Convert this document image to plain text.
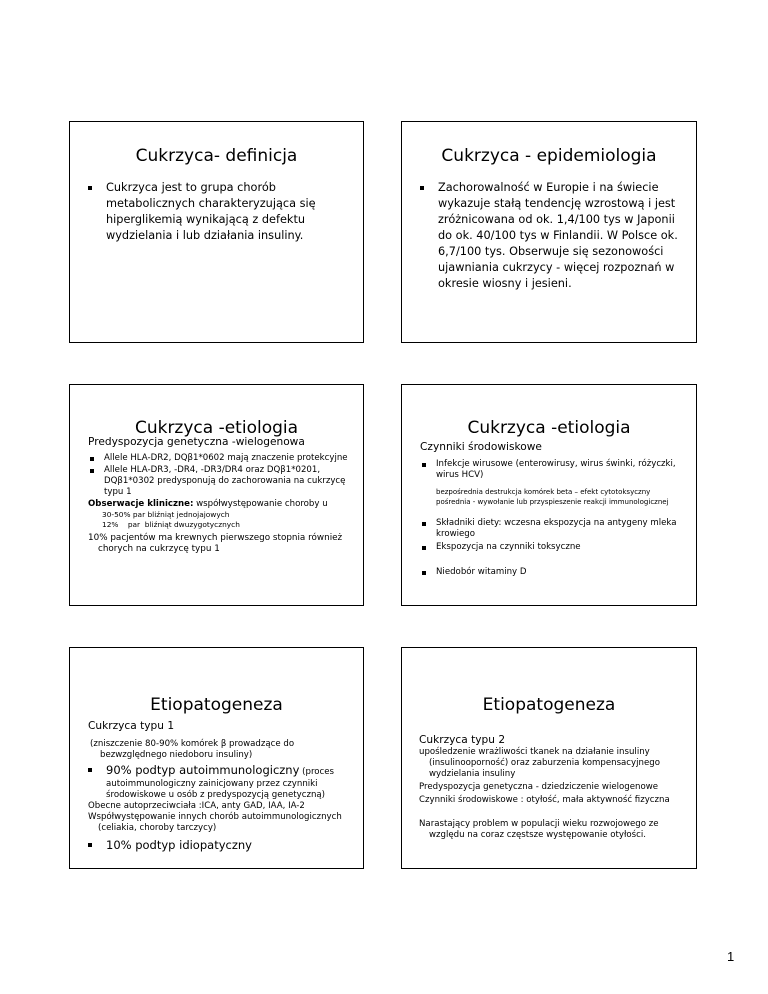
Cukrzyca- definicja
Cukrzyca jest to grupa chorób metabolicznych charakteryzująca się hiperglikemią wynikającą z defektu wydzielania i lub działania insuliny.
Cukrzyca - epidemiologia
Zachorowalność w Europie i na świecie wykazuje stałą tendencję wzrostową i jest zróżnicowana od ok. 1,4/100 tys w Japonii do ok. 40/100 tys w Finlandii. W Polsce ok. 6,7/100 tys. Obserwuje się sezonowości ujawniania cukrzycy - więcej rozpoznań w okresie wiosny i jesieni.
Cukrzyca -etiologia
Predyspozycja genetyczna -wielogenowa
Allele HLA-DR2, DQβ1*0602 mają znaczenie protekcyjne
Allele HLA-DR3, -DR4, -DR3/DR4 oraz DQβ1*0201, DQβ1*0302 predysponują do zachorowania na cukrzycę typu 1
Obserwacje kliniczne: współwystępowanie choroby u
30-50% par bliźniąt jednojajowych
12%    par  bliźniąt dwuzygotycznych
10% pacjentów ma krewnych pierwszego stopnia również chorych na cukrzycę typu 1
Cukrzyca -etiologia
Czynniki środowiskowe
Infekcje wirusowe (enterowirusy, wirus świnki, różyczki, wirus HCV)
bezpośrednia destrukcja komórek beta – efekt cytotoksyczny
pośrednia - wywołanie lub przyspieszenie reakcji immunologicznej
Składniki diety: wczesna ekspozycja na antygeny mleka krowiego
Ekspozycja na czynniki toksyczne
Niedobór witaminy D
Etiopatogeneza
Cukrzyca typu 1
(zniszczenie 80-90% komórek β prowadzące do bezwzględnego niedoboru insuliny)
90% podtyp autoimmunologiczny (proces
autoimmunologiczny zainicjowany przez czynniki środowiskowe u osób z predyspozycją genetyczną)
Obecne autoprzeciwciała :ICA, anty GAD, IAA, IA-2
Współwystępowanie innych chorób autoimmunologicznych (celiakia, choroby tarczycy)
10% podtyp idiopatyczny
Etiopatogeneza
Cukrzyca typu 2
upośledzenie wrażliwości tkanek na działanie insuliny (insulinooporność) oraz zaburzenia kompensacyjnego wydzielania insuliny
Predyspozycja genetyczna - dziedziczenie wielogenowe
Czynniki środowiskowe : otyłość, mała aktywność fizyczna
Narastający problem w populacji wieku rozwojowego ze względu na coraz częstsze występowanie otyłości.
1
